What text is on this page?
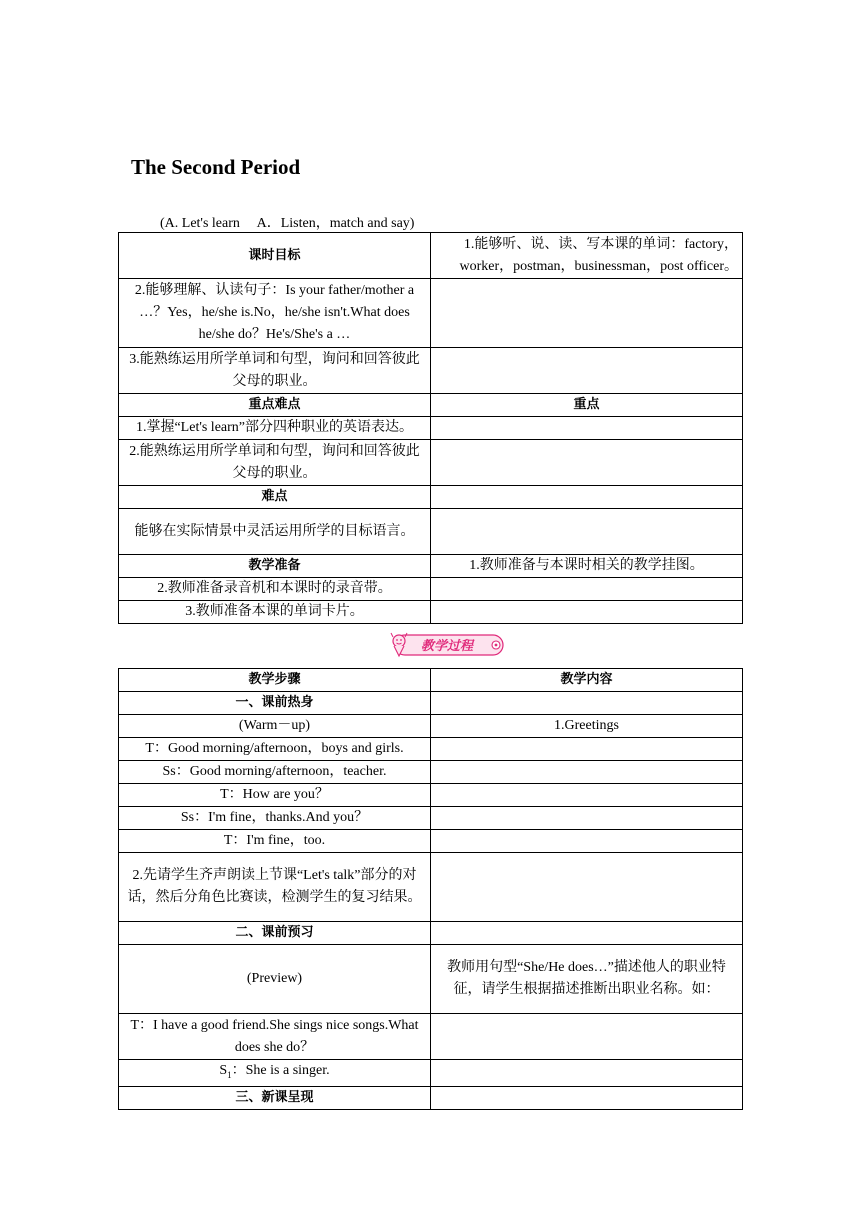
The Second Period
(A. Let's learn　 A．Listen，match and say)
课时目标	1.能够听、说、读、写本课的单词：factory，worker，postman，businessman，post officer。
2.能够理解、认读句子：Is your father/mother a …？Yes，he/she is.No，he/she isn't.What does he/she do？He's/She's a …	
3.能熟练运用所学单词和句型，询问和回答彼此父母的职业。	
重点难点	重点
1.掌握“Let's learn”部分四种职业的英语表达。	
2.能熟练运用所学单词和句型，询问和回答彼此父母的职业。	
难点	
能够在实际情景中灵活运用所学的目标语言。	
教学准备	1.教师准备与本课时相关的教学挂图。
2.教师准备录音机和本课时的录音带。	
3.教师准备本课的单词卡片。	
教学过程
教学步骤	教学内容
一、课前热身	
(Warm－up)	1.Greetings
T：Good morning/afternoon，boys and girls.	
Ss：Good morning/afternoon，teacher.	
T：How are you？	
Ss：I'm fine，thanks.And you？	
T：I'm fine，too.	
2.先请学生齐声朗读上节课“Let's talk”部分的对话，然后分角色比赛读，检测学生的复习结果。	
二、课前预习	
(Preview)	教师用句型“She/He does…”描述他人的职业特征，请学生根据描述推断出职业名称。如：
T：I have a good friend.She sings nice songs.What does she do？	
$S_1$：She is a singer.	
三、新课呈现	
